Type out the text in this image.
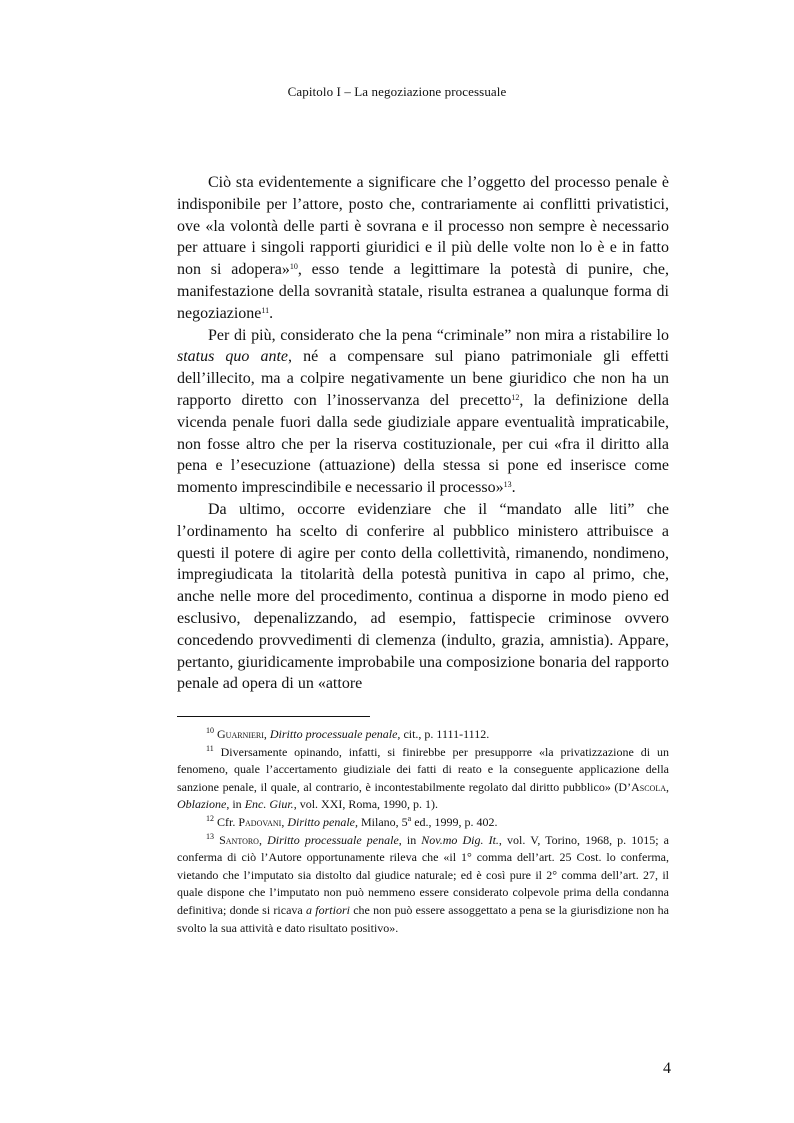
Capitolo I – La negoziazione processuale

Ciò sta evidentemente a significare che l’oggetto del processo penale è indisponibile per l’attore, posto che, contrariamente ai conflitti privatistici, ove «la volontà delle parti è sovrana e il processo non sempre è necessario per attuare i singoli rapporti giuridici e il più delle volte non lo è e in fatto non si adopera»$^{10}$, esso tende a legittimare la potestà di punire, che, manifestazione della sovranità statale, risulta estranea a qualunque forma di negoziazione$^{11}$.

Per di più, considerato che la pena “criminale” non mira a ristabilire lo status quo ante, né a compensare sul piano patrimoniale gli effetti dell’illecito, ma a colpire negativamente un bene giuridico che non ha un rapporto diretto con l’inosservanza del precetto$^{12}$, la definizione della vicenda penale fuori dalla sede giudiziale appare eventualità impraticabile, non fosse altro che per la riserva costituzionale, per cui «fra il diritto alla pena e l’esecuzione (attuazione) della stessa si pone ed inserisce come momento imprescindibile e necessario il processo»$^{13}$.

Da ultimo, occorre evidenziare che il “mandato alle liti” che l’ordinamento ha scelto di conferire al pubblico ministero attribuisce a questi il potere di agire per conto della collettività, rimanendo, nondimeno, impregiudicata la titolarità della potestà punitiva in capo al primo, che, anche nelle more del procedimento, continua a disporne in modo pieno ed esclusivo, depenalizzando, ad esempio, fattispecie criminose ovvero concedendo provvedimenti di clemenza (indulto, grazia, amnistia). Appare, pertanto, giuridicamente improbabile una composizione bonaria del rapporto penale ad opera di un «attore

$^{10}$ Guarnieri, Diritto processuale penale, cit., p. 1111-1112.

$^{11}$ Diversamente opinando, infatti, si finirebbe per presupporre «la privatizzazione di un fenomeno, quale l’accertamento giudiziale dei fatti di reato e la conseguente applicazione della sanzione penale, il quale, al contrario, è incontestabilmente regolato dal diritto pubblico» (D’Ascola, Oblazione, in Enc. Giur., vol. XXI, Roma, 1990, p. 1).

$^{12}$ Cfr. Padovani, Diritto penale, Milano, 5$^a$ ed., 1999, p. 402.

$^{13}$ Santoro, Diritto processuale penale, in Nov.mo Dig. It., vol. V, Torino, 1968, p. 1015; a conferma di ciò l’Autore opportunamente rileva che «il 1° comma dell’art. 25 Cost. lo conferma, vietando che l’imputato sia distolto dal giudice naturale; ed è così pure il 2° comma dell’art. 27, il quale dispone che l’imputato non può nemmeno essere considerato colpevole prima della condanna definitiva; donde si ricava a fortiori che non può essere assoggettato a pena se la giurisdizione non ha svolto la sua attività e dato risultato positivo».

4
